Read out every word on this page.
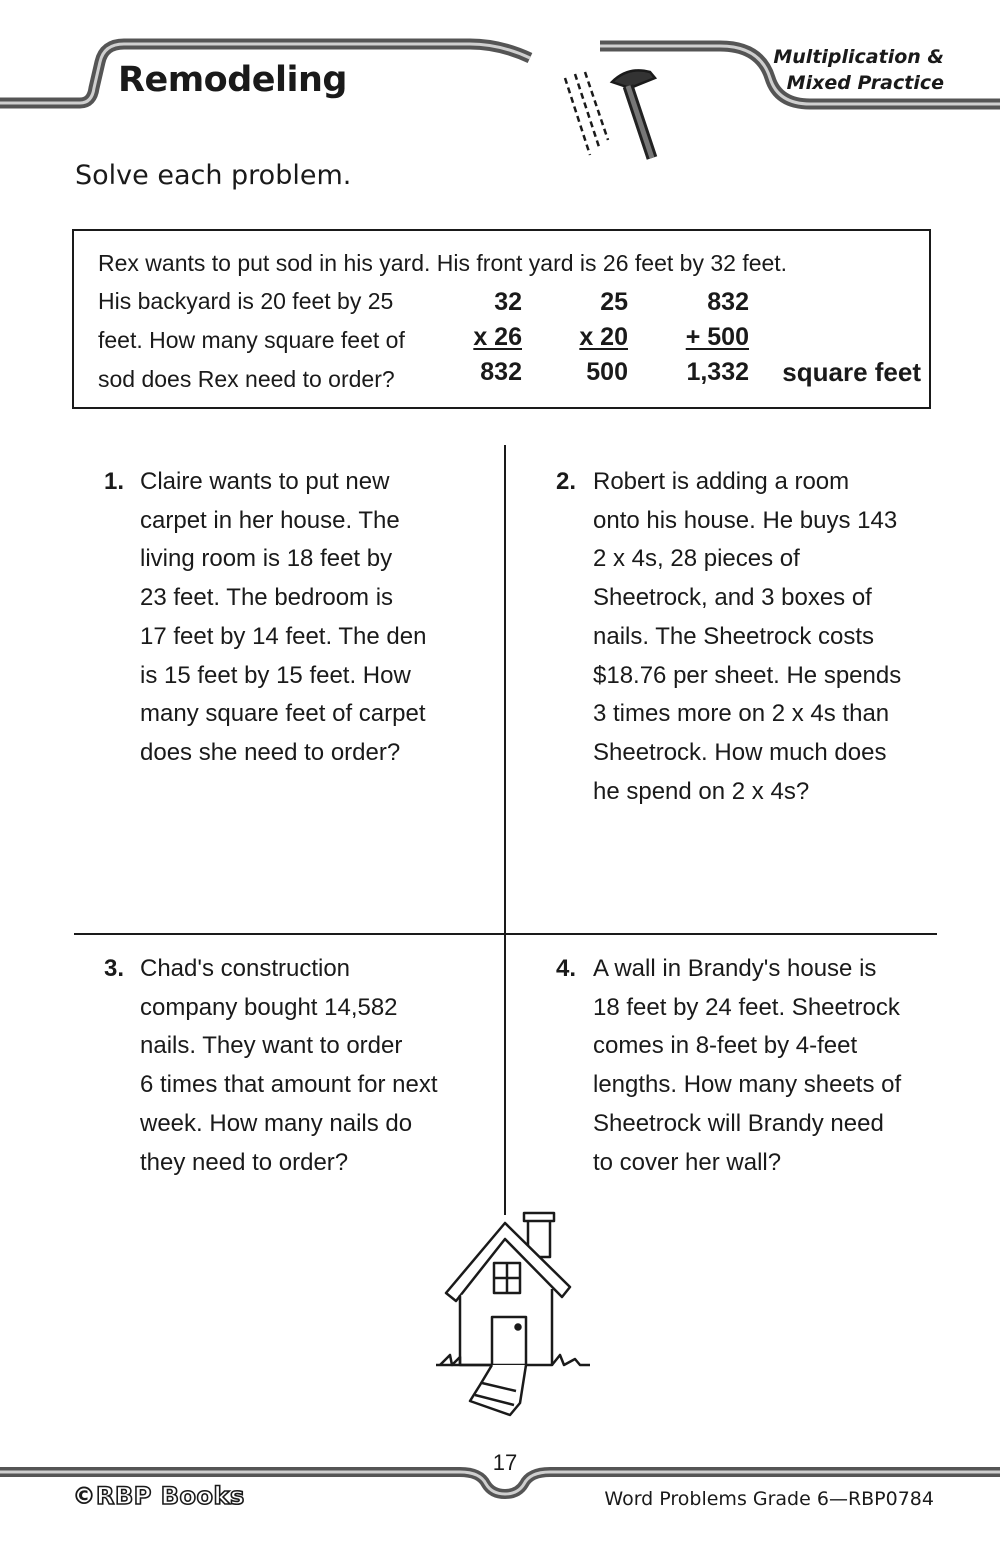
Remodeling
Multiplication &
Mixed Practice
Solve each problem.
Rex wants to put sod in his yard. His front yard is 26 feet by 32 feet.
His backyard is 20 feet by 25
feet. How many square feet of
sod does Rex need to order?
32
x 26
832
25
x 20
500
832
+ 500
1,332 square feet
1. Claire wants to put new
carpet in her house. The
living room is 18 feet by
23 feet. The bedroom is
17 feet by 14 feet. The den
is 15 feet by 15 feet. How
many square feet of carpet
does she need to order?
2. Robert is adding a room
onto his house. He buys 143
2 x 4s, 28 pieces of
Sheetrock, and 3 boxes of
nails. The Sheetrock costs
$18.76 per sheet. He spends
3 times more on 2 x 4s than
Sheetrock. How much does
he spend on 2 x 4s?
3. Chad's construction
company bought 14,582
nails. They want to order
6 times that amount for next
week. How many nails do
they need to order?
4. A wall in Brandy's house is
18 feet by 24 feet. Sheetrock
comes in 8-feet by 4-feet
lengths. How many sheets of
Sheetrock will Brandy need
to cover her wall?
17
©RBP Books	Word Problems Grade 6—RBP0784
